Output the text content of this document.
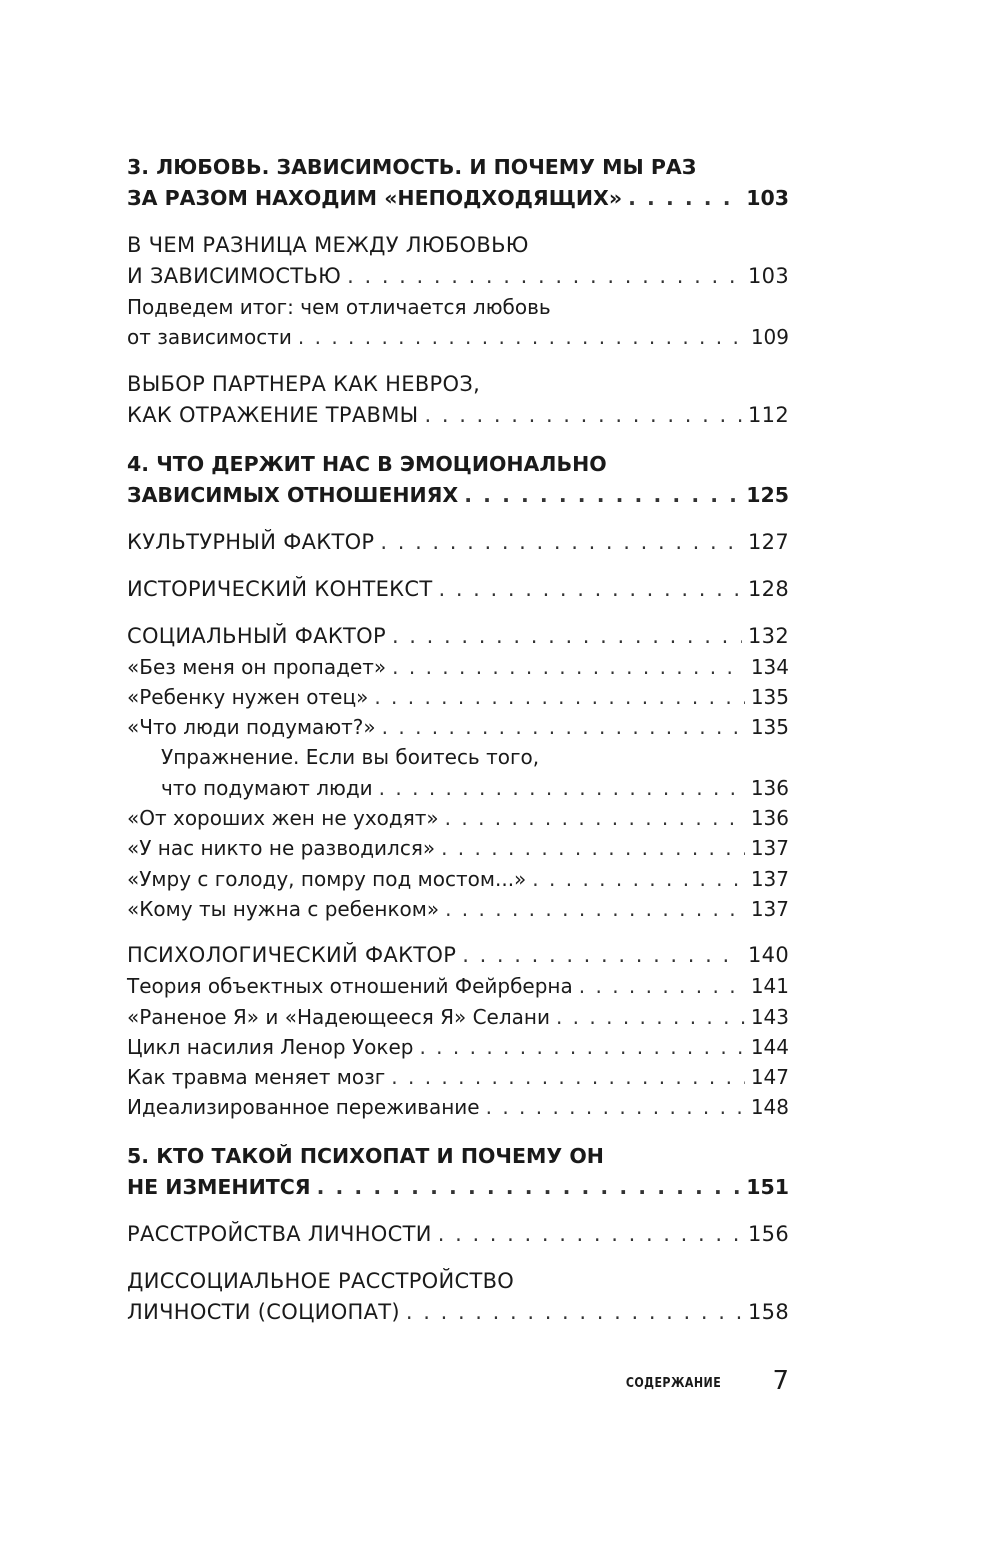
3. ЛЮБОВЬ. ЗАВИСИМОСТЬ. И ПОЧЕМУ МЫ РАЗ
ЗА РАЗОМ НАХОДИМ «НЕПОДХОДЯЩИХ» . . .	103
В ЧЕМ РАЗНИЦА МЕЖДУ ЛЮБОВЬЮ
И ЗАВИСИМОСТЬЮ . . .	103
Подведем итог: чем отличается любовь
от зависимости . . .	109
ВЫБОР ПАРТНЕРА КАК НЕВРОЗ,
КАК ОТРАЖЕНИЕ ТРАВМЫ . . .	112
4. ЧТО ДЕРЖИТ НАС В ЭМОЦИОНАЛЬНО
ЗАВИСИМЫХ ОТНОШЕНИЯХ . . .	125
КУЛЬТУРНЫЙ ФАКТОР . . .	127
ИСТОРИЧЕСКИЙ КОНТЕКСТ . . .	128
СОЦИАЛЬНЫЙ ФАКТОР . . .	132
«Без меня он пропадет» . . .	134
«Ребенку нужен отец» . . .	135
«Что люди подумают?» . . .	135
Упражнение. Если вы боитесь того,
что подумают люди . . .	136
«От хороших жен не уходят» . . .	136
«У нас никто не разводился» . . .	137
«Умру с голоду, помру под мостом...» . . .	137
«Кому ты нужна с ребенком» . . .	137
ПСИХОЛОГИЧЕСКИЙ ФАКТОР . . .	140
Теория объектных отношений Фейрберна . . .	141
«Раненое Я» и «Надеющееся Я» Селани . . .	143
Цикл насилия Ленор Уокер . . .	144
Как травма меняет мозг . . .	147
Идеализированное переживание . . .	148
5. КТО ТАКОЙ ПСИХОПАТ И ПОЧЕМУ ОН
НЕ ИЗМЕНИТСЯ . . .	151
РАССТРОЙСТВА ЛИЧНОСТИ . . .	156
ДИССОЦИАЛЬНОЕ РАССТРОЙСТВО
ЛИЧНОСТИ (СОЦИОПАТ) . . .	158
СОДЕРЖАНИЕ 7
